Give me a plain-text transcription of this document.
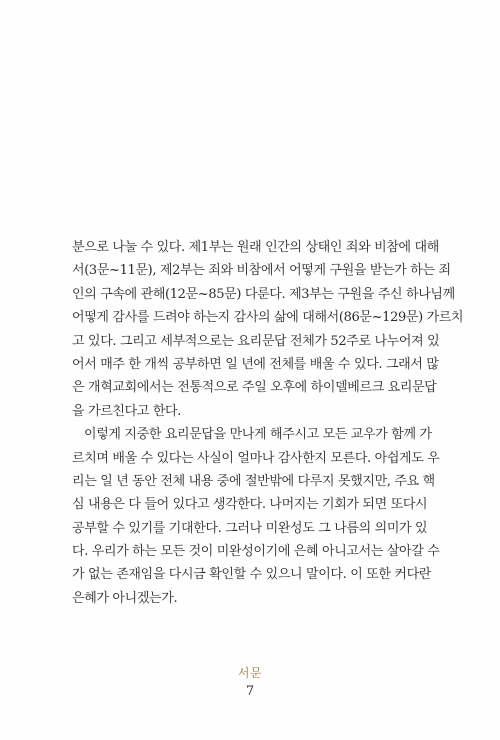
분으로 나눌 수 있다. 제1부는 원래 인간의 상태인 죄와 비참에 대해
서(3문~11문), 제2부는 죄와 비참에서 어떻게 구원을 받는가 하는 죄
인의 구속에 관해(12문~85문) 다룬다. 제3부는 구원을 주신 하나님께
어떻게 감사를 드려야 하는지 감사의 삶에 대해서(86문~129문) 가르치
고 있다. 그리고 세부적으로는 요리문답 전체가 52주로 나누어져 있
어서 매주 한 개씩 공부하면 일 년에 전체를 배울 수 있다. 그래서 많
은 개혁교회에서는 전통적으로 주일 오후에 하이델베르크 요리문답
을 가르친다고 한다.
이렇게 지중한 요리문답을 만나게 해주시고 모든 교우가 함께 가
르치며 배울 수 있다는 사실이 얼마나 감사한지 모른다. 아쉽게도 우
리는 일 년 동안 전체 내용 중에 절반밖에 다루지 못했지만, 주요 핵
심 내용은 다 들어 있다고 생각한다. 나머지는 기회가 되면 또다시
공부할 수 있기를 기대한다. 그러나 미완성도 그 나름의 의미가 있
다. 우리가 하는 모든 것이 미완성이기에 은혜 아니고서는 살아갈 수
가 없는 존재임을 다시금 확인할 수 있으니 말이다. 이 또한 커다란
은혜가 아니겠는가.
서문
7
